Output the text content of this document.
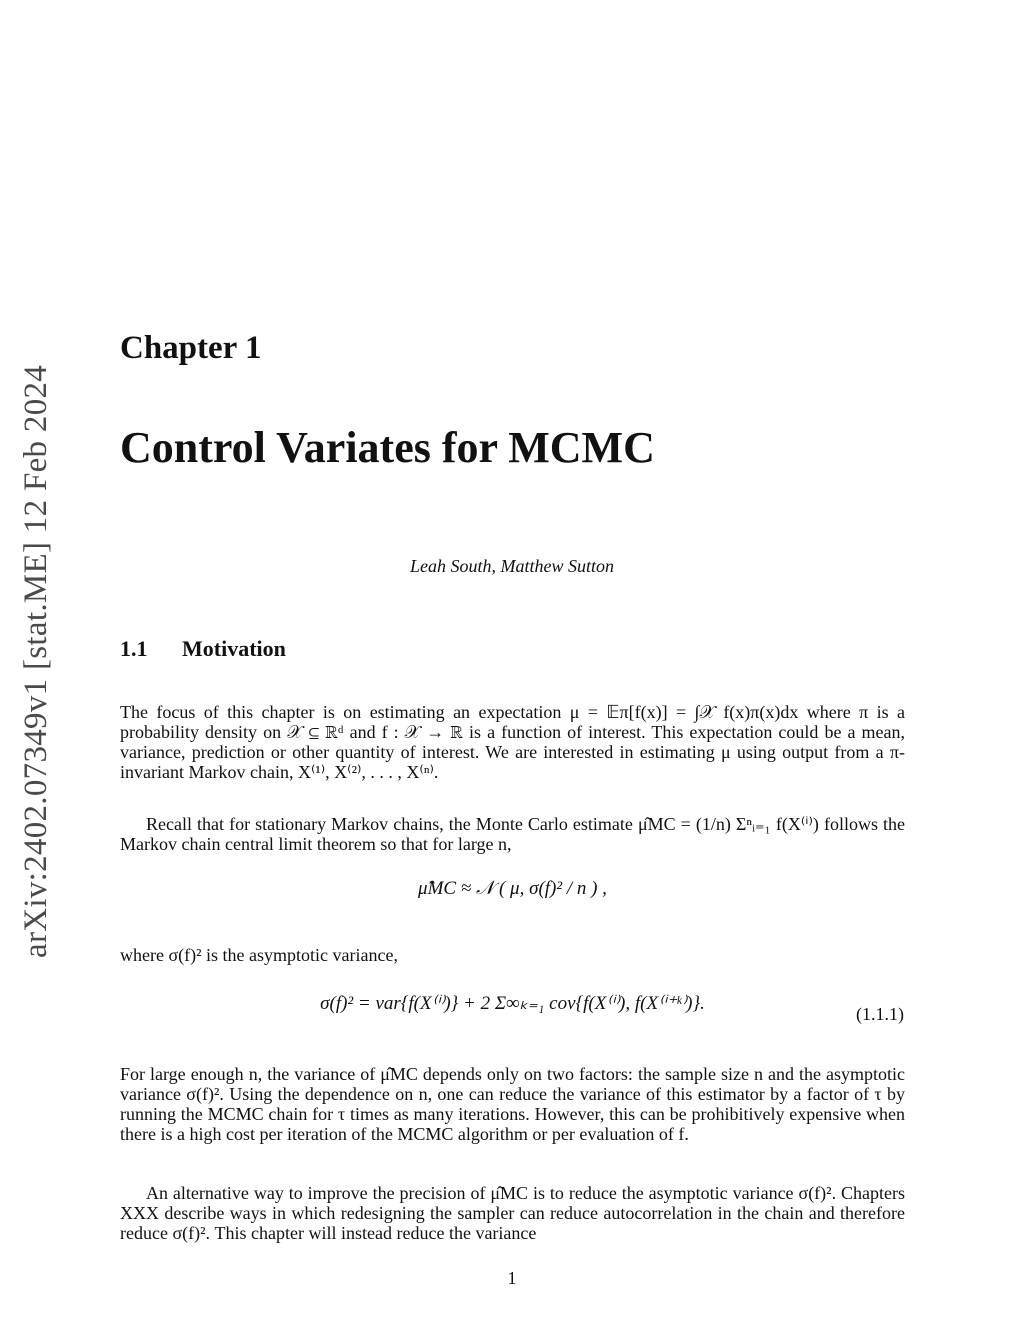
arXiv:2402.07349v1 [stat.ME] 12 Feb 2024
Chapter 1
Control Variates for MCMC
Leah South, Matthew Sutton
1.1 Motivation

The focus of this chapter is on estimating an expectation μ = 𝔼π[f(x)] = ∫𝒳 f(x)π(x)dx where π is a probability density on 𝒳 ⊆ ℝᵈ and f : 𝒳 → ℝ is a function of interest. This expectation could be a mean, variance, prediction or other quantity of interest. We are interested in estimating μ using output from a π-invariant Markov chain, X⁽¹⁾, X⁽²⁾, . . . , X⁽ⁿ⁾.

Recall that for stationary Markov chains, the Monte Carlo estimate μ̂MC = (1/n) Σⁿᵢ₌₁ f(X⁽ⁱ⁾) follows the Markov chain central limit theorem so that for large n,

μ̂MC ≈ 𝒩 ( μ, σ(f)² / n ) ,

where σ(f)² is the asymptotic variance,

σ(f)² = var{f(X⁽ⁱ⁾)} + 2 Σ∞ₖ₌₁ cov{f(X⁽ⁱ⁾), f(X⁽ⁱ⁺ᵏ⁾)}.	(1.1.1)

For large enough n, the variance of μ̂MC depends only on two factors: the sample size n and the asymptotic variance σ(f)². Using the dependence on n, one can reduce the variance of this estimator by a factor of τ by running the MCMC chain for τ times as many iterations. However, this can be prohibitively expensive when there is a high cost per iteration of the MCMC algorithm or per evaluation of f.

An alternative way to improve the precision of μ̂MC is to reduce the asymptotic variance σ(f)². Chapters XXX describe ways in which redesigning the sampler can reduce autocorrelation in the chain and therefore reduce σ(f)². This chapter will instead reduce the variance

1
